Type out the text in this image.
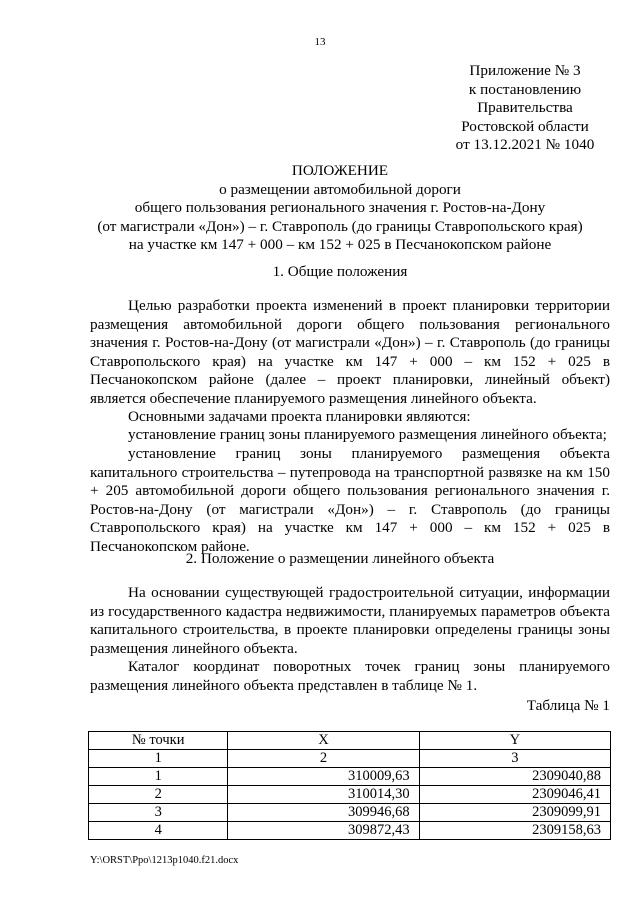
13
Приложение № 3
к постановлению
Правительства
Ростовской области
от 13.12.2021 № 1040
ПОЛОЖЕНИЕ
о размещении автомобильной дороги
общего пользования регионального значения г. Ростов-на-Дону
(от магистрали «Дон») – г. Ставрополь (до границы Ставропольского края)
на участке км 147 + 000 – км 152 + 025 в Песчанокопском районе
1. Общие положения
Целью разработки проекта изменений в проект планировки территории размещения автомобильной дороги общего пользования регионального значения г. Ростов-на-Дону (от магистрали «Дон») – г. Ставрополь (до границы Ставропольского края) на участке км 147 + 000 – км 152 + 025 в Песчанокопском районе (далее – проект планировки, линейный объект) является обеспечение планируемого размещения линейного объекта.
Основными задачами проекта планировки являются:
установление границ зоны планируемого размещения линейного объекта;
установление границ зоны планируемого размещения объекта капитального строительства – путепровода на транспортной развязке на км 150 + 205 автомобильной дороги общего пользования регионального значения г. Ростов-на-Дону (от магистрали «Дон») – г. Ставрополь (до границы Ставропольского края) на участке км 147 + 000 – км 152 + 025 в Песчанокопском районе.
2. Положение о размещении линейного объекта
На основании существующей градостроительной ситуации, информации из государственного кадастра недвижимости, планируемых параметров объекта капитального строительства, в проекте планировки определены границы зоны размещения линейного объекта.
Каталог координат поворотных точек границ зоны планируемого размещения линейного объекта представлен в таблице № 1.
Таблица № 1
№ точки	X	Y
1	2	3
1	310009,63	2309040,88
2	310014,30	2309046,41
3	309946,68	2309099,91
4	309872,43	2309158,63
Y:\ORST\Ppo\1213p1040.f21.docx
